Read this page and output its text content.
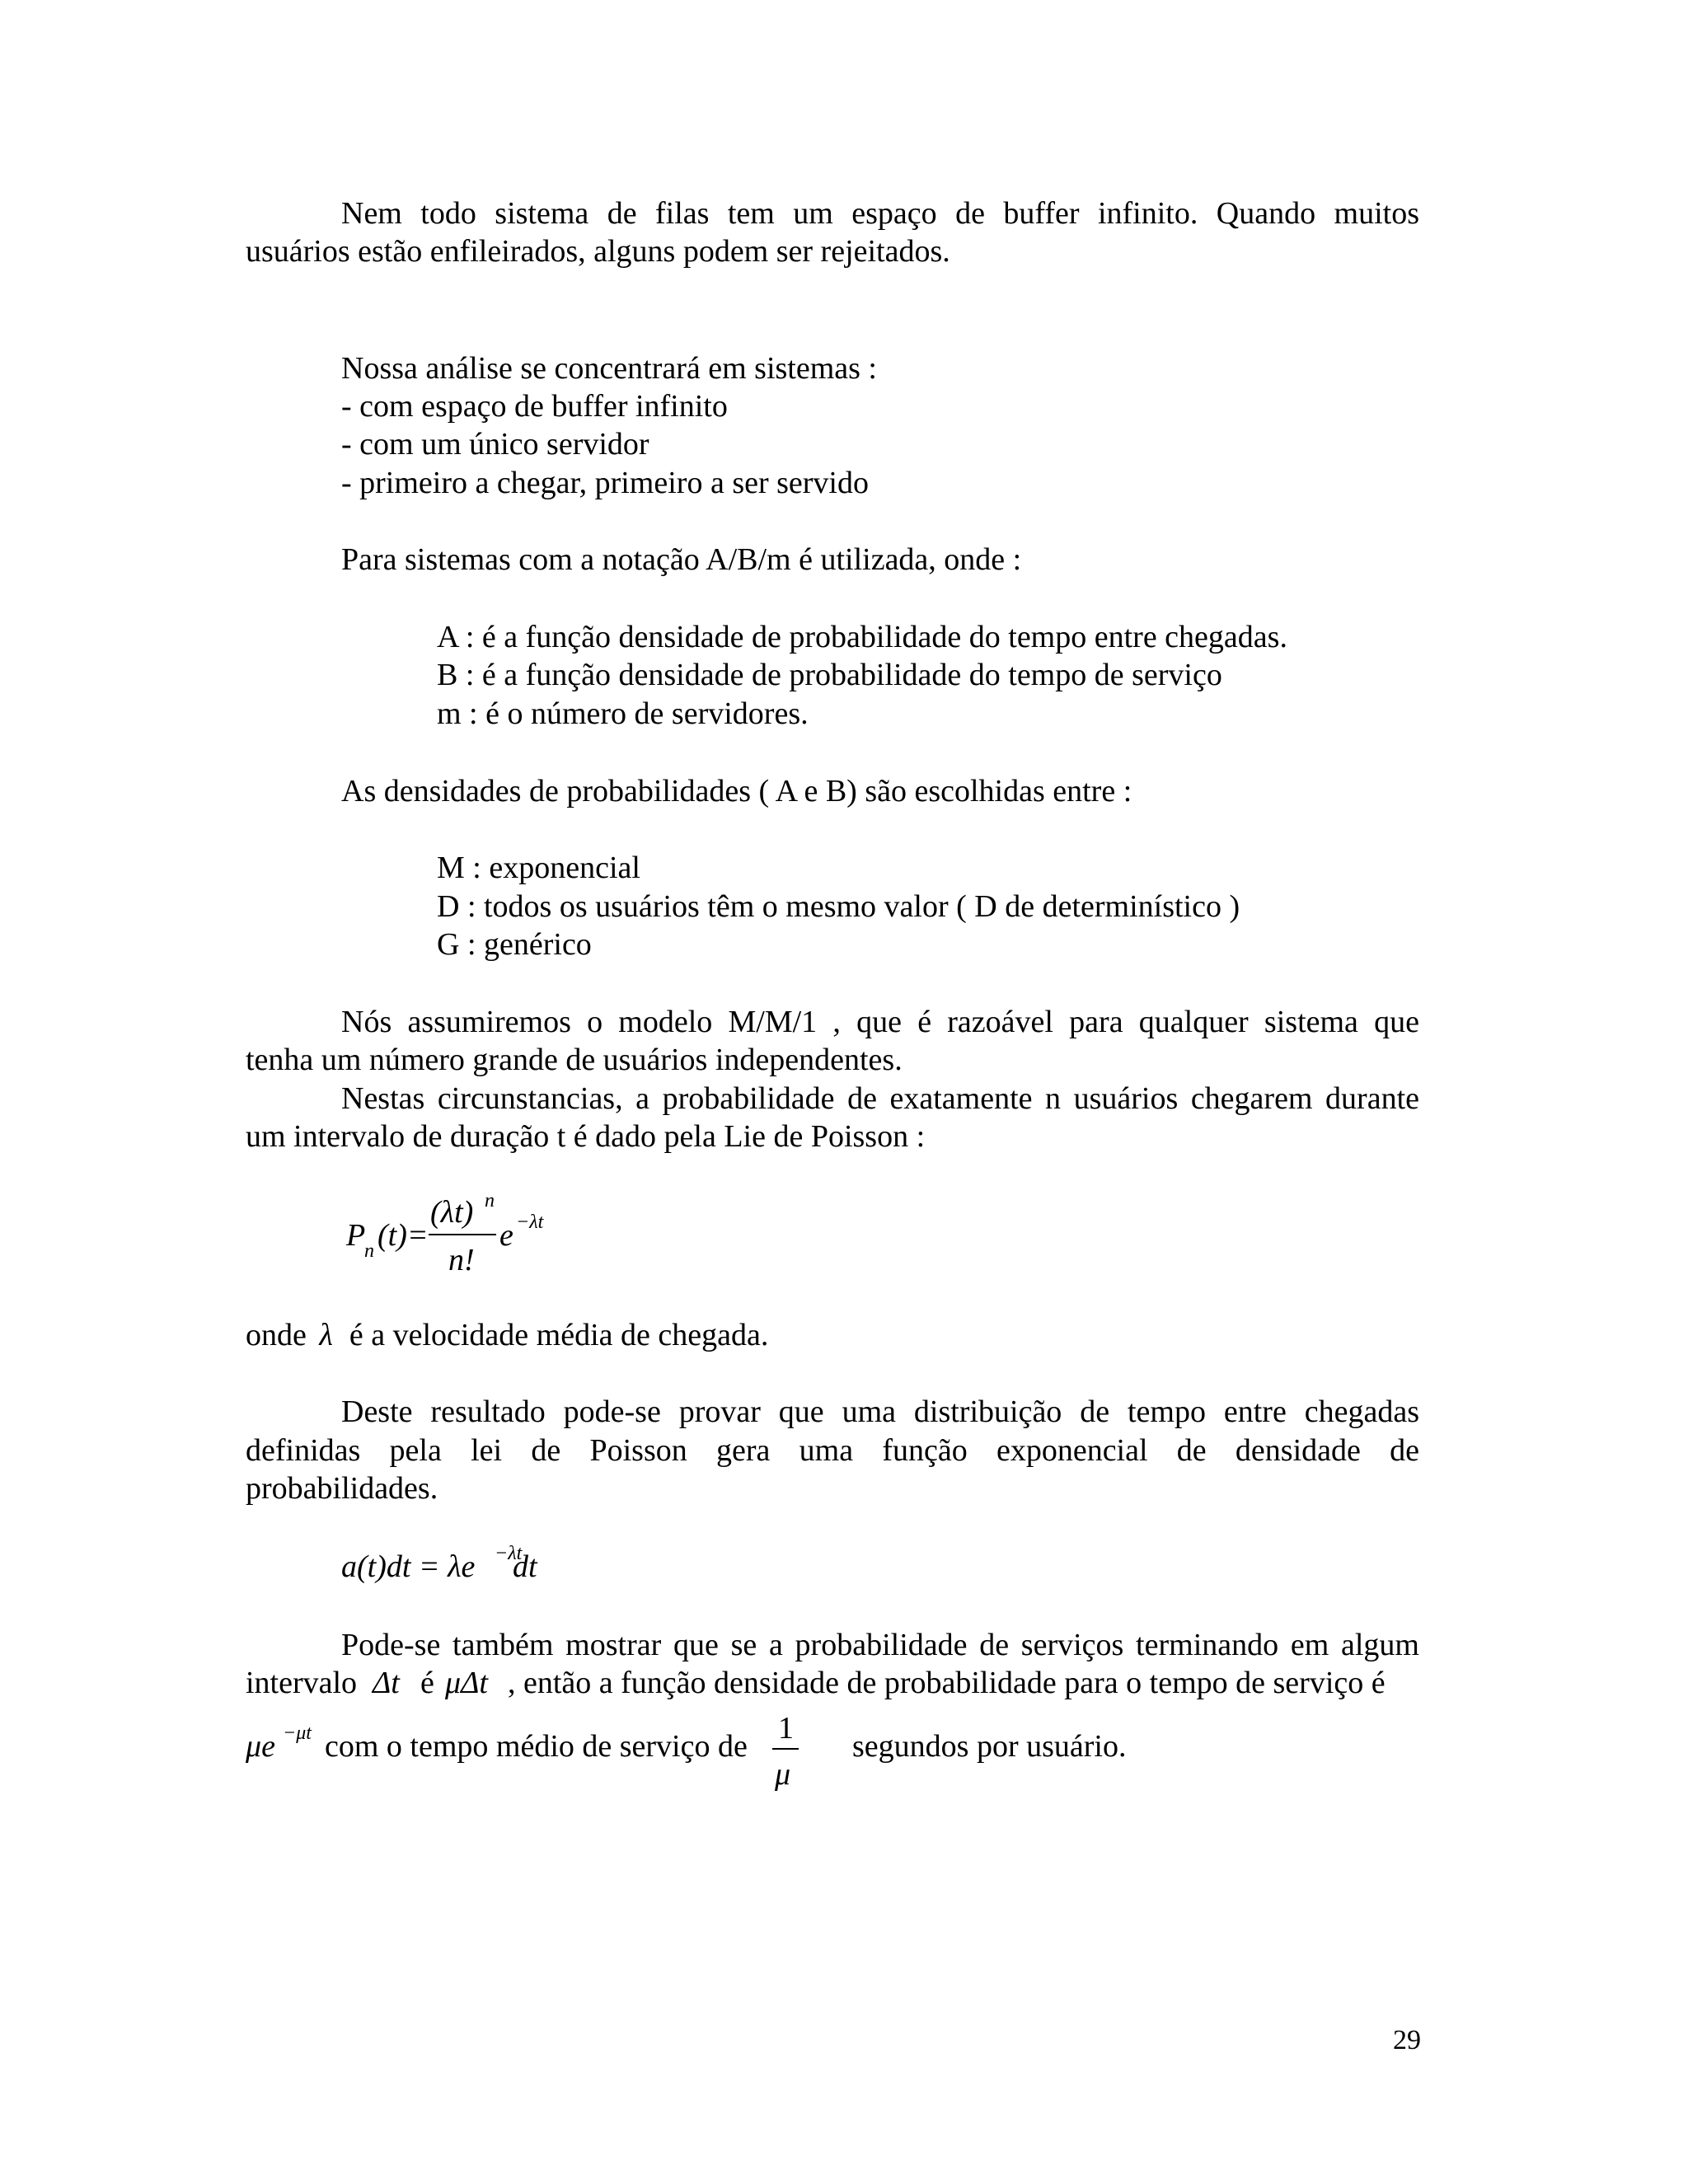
Nem todo sistema de filas tem um espaço de buffer infinito. Quando muitos
usuários estão enfileirados, alguns podem ser rejeitados.
Nossa análise se concentrará em sistemas :
- com espaço de buffer infinito
- com um único servidor
- primeiro a chegar, primeiro a ser servido
Para sistemas com a notação A/B/m é utilizada, onde :
A : é a função densidade de probabilidade do tempo entre chegadas.
B : é a função densidade de probabilidade do tempo de serviço
m : é o número de servidores.
As densidades de probabilidades ( A e B) são escolhidas entre :
M : exponencial
D : todos os usuários têm o mesmo valor ( D de determinístico )
G : genérico
Nós assumiremos o modelo M/M/1 , que é razoável para qualquer sistema que
tenha um número grande de usuários independentes.
Nestas circunstancias, a probabilidade de exatamente n usuários chegarem durante
um intervalo de duração t é dado pela Lie de Poisson :
P
n (t)=
(λt) n
n!
e −λt
onde λ é a velocidade média de chegada.
Deste resultado pode-se provar que uma distribuição de tempo entre chegadas
definidas pela lei de Poisson gera uma função exponencial de densidade de
probabilidades.
a(t)dt = λe −λt
dt
Pode-se também mostrar que se a probabilidade de serviços terminando em algum
intervalo Δt é μΔt , então a função densidade de probabilidade para o tempo de serviço é
μe −μt com o tempo médio de serviço de
1
μ
segundos por usuário.
29
